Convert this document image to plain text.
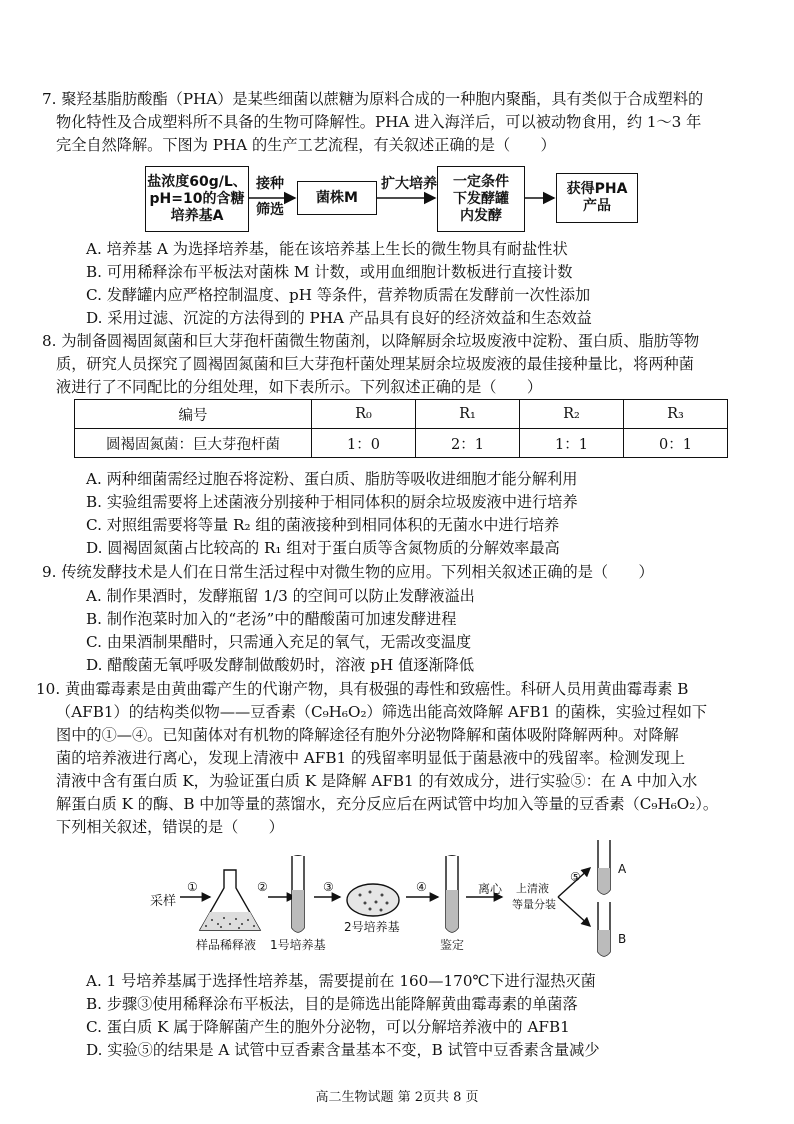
7. 聚羟基脂肪酸酯（PHA）是某些细菌以蔗糖为原料合成的一种胞内聚酯，具有类似于合成塑料的
物化特性及合成塑料所不具备的生物可降解性。PHA 进入海洋后，可以被动物食用，约 1～3 年
完全自然降解。下图为 PHA 的生产工艺流程，有关叙述正确的是（　　）
盐浓度60g/L、
pH=10的含糖
培养基A
接种
筛选
菌株M
扩大培养 一定条件
下发酵罐
内发酵
获得PHA
产品
A. 培养基 A 为选择培养基，能在该培养基上生长的微生物具有耐盐性状
B. 可用稀释涂布平板法对菌株 M 计数，或用血细胞计数板进行直接计数
C. 发酵罐内应严格控制温度、pH 等条件，营养物质需在发酵前一次性添加
D. 采用过滤、沉淀的方法得到的 PHA 产品具有良好的经济效益和生态效益
8. 为制备圆褐固氮菌和巨大芽孢杆菌微生物菌剂，以降解厨余垃圾废液中淀粉、蛋白质、脂肪等物
质，研究人员探究了圆褐固氮菌和巨大芽孢杆菌处理某厨余垃圾废液的最佳接种量比，将两种菌
液进行了不同配比的分组处理，如下表所示。下列叙述正确的是（　　）
编号	R₀	R₁	R₂	R₃
圆褐固氮菌：巨大芽孢杆菌	1：0	2：1	1：1	0：1
A. 两种细菌需经过胞吞将淀粉、蛋白质、脂肪等吸收进细胞才能分解利用
B. 实验组需要将上述菌液分别接种于相同体积的厨余垃圾废液中进行培养
C. 对照组需要将等量 R₂ 组的菌液接种到相同体积的无菌水中进行培养
D. 圆褐固氮菌占比较高的 R₁ 组对于蛋白质等含氮物质的分解效率最高
9. 传统发酵技术是人们在日常生活过程中对微生物的应用。下列相关叙述正确的是（　　）
A. 制作果酒时，发酵瓶留 1/3 的空间可以防止发酵液溢出
B. 制作泡菜时加入的“老汤”中的醋酸菌可加速发酵进程
C. 由果酒制果醋时，只需通入充足的氧气，无需改变温度
D. 醋酸菌无氧呼吸发酵制做酸奶时，溶液 pH 值逐渐降低
10. 黄曲霉毒素是由黄曲霉产生的代谢产物，具有极强的毒性和致癌性。科研人员用黄曲霉毒素 B
（AFB1）的结构类似物——豆香素（C₉H₆O₂）筛选出能高效降解 AFB1 的菌株，实验过程如下
图中的①—④。已知菌体对有机物的降解途径有胞外分泌物降解和菌体吸附降解两种。对降解
菌的培养液进行离心，发现上清液中 AFB1 的残留率明显低于菌悬液中的残留率。检测发现上
清液中含有蛋白质 K，为验证蛋白质 K 是降解 AFB1 的有效成分，进行实验⑤：在 A 中加入水
解蛋白质 K 的酶、B 中加等量的蒸馏水，充分反应后在两试管中均加入等量的豆香素（C₉H₆O₂）。
下列相关叙述，错误的是（　　）
采样
①	②	③	④	离心 上清液
等量分装
⑤
A
B
样品稀释液 1号培养基
2号培养基
鉴定
A. 1 号培养基属于选择性培养基，需要提前在 160—170℃下进行湿热灭菌
B. 步骤③使用稀释涂布平板法，目的是筛选出能降解黄曲霉毒素的单菌落
C. 蛋白质 K 属于降解菌产生的胞外分泌物，可以分解培养液中的 AFB1
D. 实验⑤的结果是 A 试管中豆香素含量基本不变，B 试管中豆香素含量减少
高二生物试题 第 2页共 8 页
